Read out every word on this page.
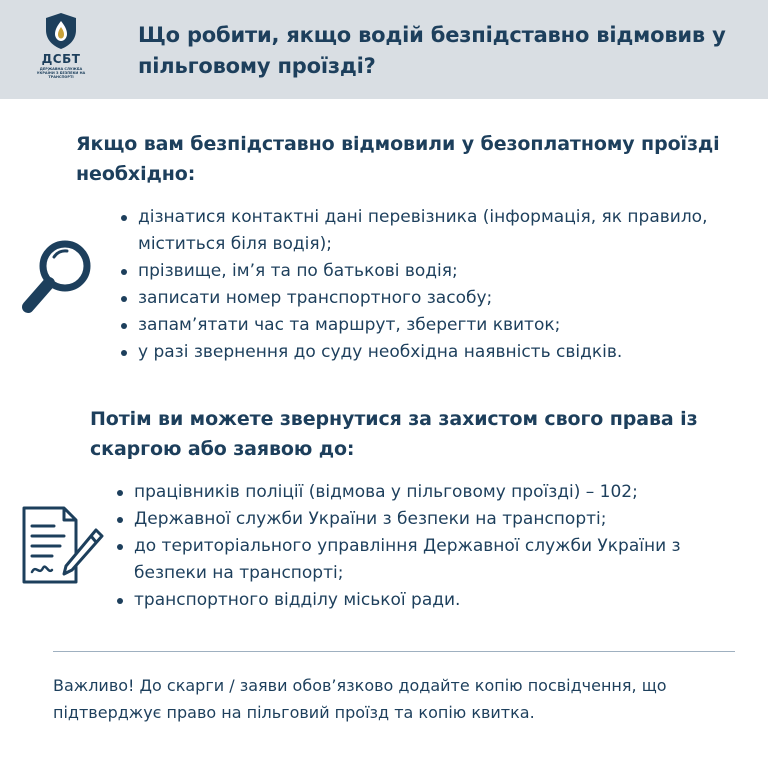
ДСБТ
ДЕРЖАВНА СЛУЖБА УКРАЇНИ З БЕЗПЕКИ НА ТРАНСПОРТІ
Що робити, якщо водій безпідставно відмовив у пільговому проїзді?
Якщо вам безпідставно відмовили у безоплатному проїзді необхідно:
дізнатися контактні дані перевізника (інформація, як правило, міститься біля водія);
прізвище, ім’я та по батькові водія;
записати номер транспортного засобу;
запам’ятати час та маршрут, зберегти квиток;
у разі звернення до суду необхідна наявність свідків.
Потім ви можете звернутися за захистом свого права із скаргою або заявою до:
працівників поліції (відмова у пільговому проїзді) – 102;
Державної служби України з безпеки на транспорті;
до територіального управління Державної служби України з безпеки на транспорті;
транспортного відділу міської ради.
Важливо! До скарги / заяви обов’язково додайте копію посвідчення, що підтверджує право на пільговий проїзд та копію квитка.
